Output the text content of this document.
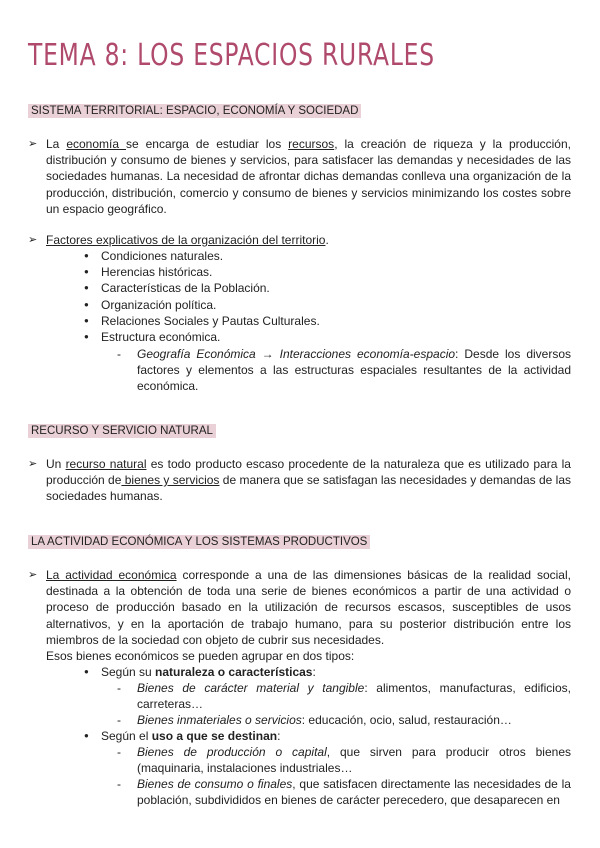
TEMA 8: LOS ESPACIOS RURALES
SISTEMA TERRITORIAL: ESPACIO, ECONOMÍA Y SOCIEDAD
➢ La economía se encarga de estudiar los recursos, la creación de riqueza y la producción, distribución y consumo de bienes y servicios, para satisfacer las demandas y necesidades de las sociedades humanas. La necesidad de afrontar dichas demandas conlleva una organización de la producción, distribución, comercio y consumo de bienes y servicios minimizando los costes sobre un espacio geográfico.
➢ Factores explicativos de la organización del territorio.
● Condiciones naturales.
● Herencias históricas.
● Características de la Población.
● Organización política.
● Relaciones Sociales y Pautas Culturales.
● Estructura económica.
- Geografía Económica → Interacciones economía-espacio: Desde los diversos factores y elementos a las estructuras espaciales resultantes de la actividad económica.
RECURSO Y SERVICIO NATURAL
➢ Un recurso natural es todo producto escaso procedente de la naturaleza que es utilizado para la producción de bienes y servicios de manera que se satisfagan las necesidades y demandas de las sociedades humanas.
LA ACTIVIDAD ECONÓMICA Y LOS SISTEMAS PRODUCTIVOS
➢ La actividad económica corresponde a una de las dimensiones básicas de la realidad social, destinada a la obtención de toda una serie de bienes económicos a partir de una actividad o proceso de producción basado en la utilización de recursos escasos, susceptibles de usos alternativos, y en la aportación de trabajo humano, para su posterior distribución entre los miembros de la sociedad con objeto de cubrir sus necesidades.
Esos bienes económicos se pueden agrupar en dos tipos:
● Según su naturaleza o características:
- Bienes de carácter material y tangible: alimentos, manufacturas, edificios, carreteras…
- Bienes inmateriales o servicios: educación, ocio, salud, restauración…
● Según el uso a que se destinan:
- Bienes de producción o capital, que sirven para producir otros bienes (maquinaria, instalaciones industriales…
- Bienes de consumo o finales, que satisfacen directamente las necesidades de la población, subdivididos en bienes de carácter perecedero, que desaparecen en
